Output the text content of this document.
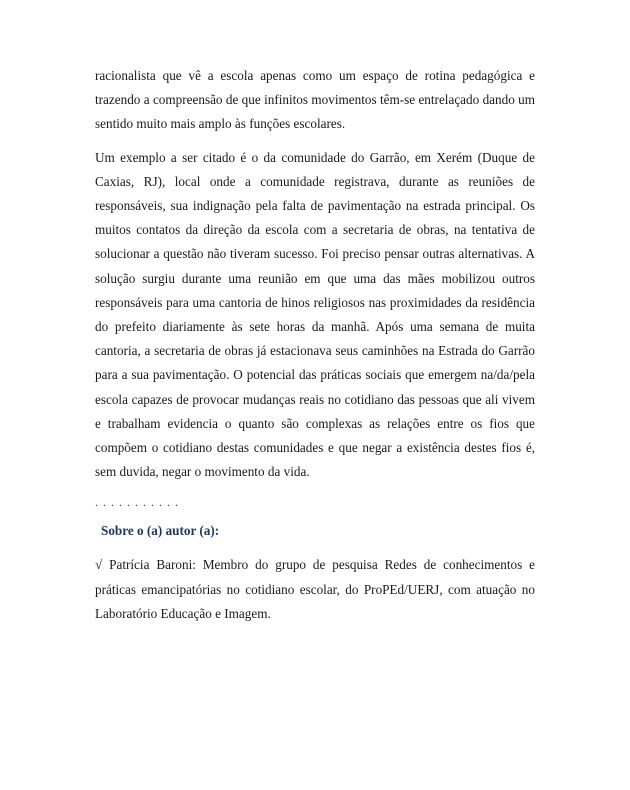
racionalista que vê a escola apenas como um espaço de rotina pedagógica e trazendo a compreensão de que infinitos movimentos têm-se entrelaçado dando um sentido muito mais amplo às funções escolares.

Um exemplo a ser citado é o da comunidade do Garrão, em Xerém (Duque de Caxias, RJ), local onde a comunidade registrava, durante as reuniões de responsáveis, sua indignação pela falta de pavimentação na estrada principal. Os muitos contatos da direção da escola com a secretaria de obras, na tentativa de solucionar a questão não tiveram sucesso. Foi preciso pensar outras alternativas. A solução surgiu durante uma reunião em que uma das mães mobilizou outros responsáveis para uma cantoria de hinos religiosos nas proximidades da residência do prefeito diariamente às sete horas da manhã. Após uma semana de muita cantoria, a secretaria de obras já estacionava seus caminhões na Estrada do Garrão para a sua pavimentação. O potencial das práticas sociais que emergem na/da/pela escola capazes de provocar mudanças reais no cotidiano das pessoas que ali vivem e trabalham evidencia o quanto são complexas as relações entre os fios que compõem o cotidiano destas comunidades e que negar a existência destes fios é, sem duvida, negar o movimento da vida.

. . . . . . . . . . .
Sobre o (a) autor (a):

√ Patrícia Baroni: Membro do grupo de pesquisa Redes de conhecimentos e práticas emancipatórias no cotidiano escolar, do ProPEd/UERJ, com atuação no Laboratório Educação e Imagem.
